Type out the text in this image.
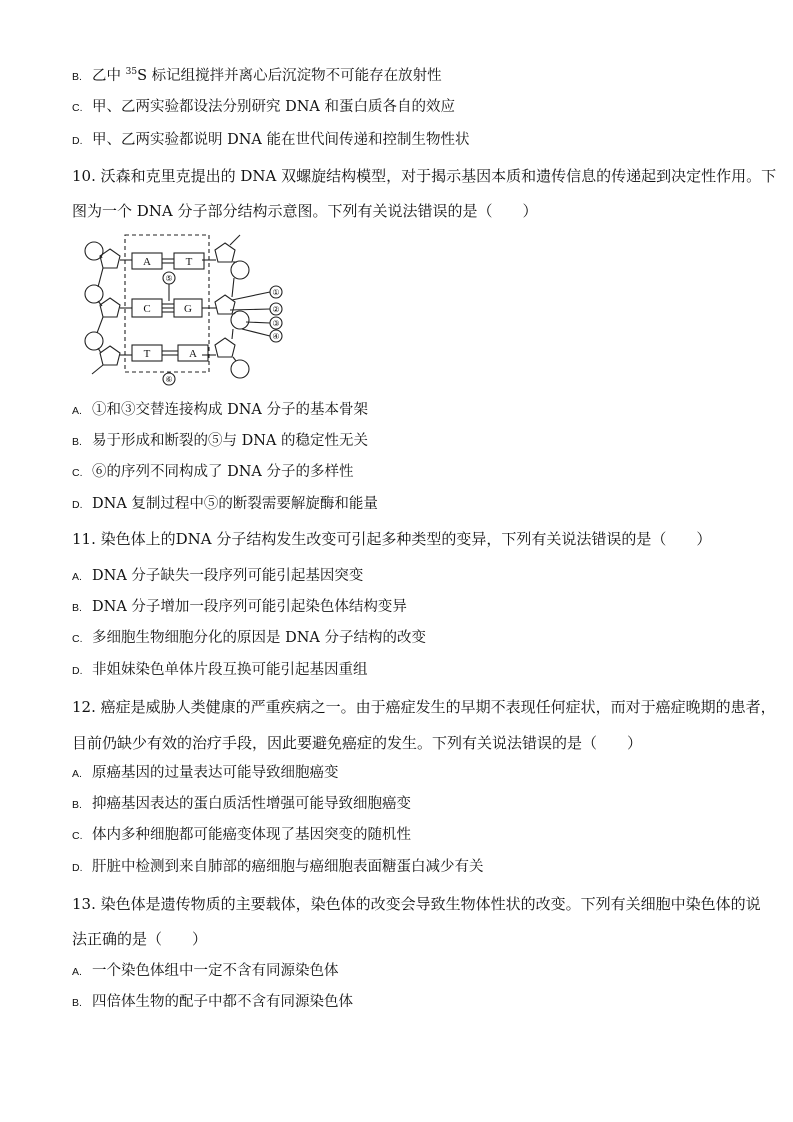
B. 乙中 $^{35}$S 标记组搅拌并离心后沉淀物不可能存在放射性
C. 甲、乙两实验都设法分别研究 DNA 和蛋白质各自的效应
D. 甲、乙两实验都说明 DNA 能在世代间传递和控制生物性状
10. 沃森和克里克提出的 DNA 双螺旋结构模型，对于揭示基因本质和遗传信息的传递起到决定性作用。下
图为一个 DNA 分子部分结构示意图。下列有关说法错误的是（　　）
A	T
C	G
T	A
⑤
①
②
③
④
⑥
A. ①和③交替连接构成 DNA 分子的基本骨架
B. 易于形成和断裂的⑤与 DNA 的稳定性无关
C. ⑥的序列不同构成了 DNA 分子的多样性
D. DNA 复制过程中⑤的断裂需要解旋酶和能量
11. 染色体上的DNA 分子结构发生改变可引起多种类型的变异，下列有关说法错误的是（　　）
A. DNA 分子缺失一段序列可能引起基因突变
B. DNA 分子增加一段序列可能引起染色体结构变异
C. 多细胞生物细胞分化的原因是 DNA 分子结构的改变
D. 非姐妹染色单体片段互换可能引起基因重组
12. 癌症是威胁人类健康的严重疾病之一。由于癌症发生的早期不表现任何症状，而对于癌症晚期的患者，
目前仍缺少有效的治疗手段，因此要避免癌症的发生。下列有关说法错误的是（　　）
A. 原癌基因的过量表达可能导致细胞癌变
B. 抑癌基因表达的蛋白质活性增强可能导致细胞癌变
C. 体内多种细胞都可能癌变体现了基因突变的随机性
D. 肝脏中检测到来自肺部的癌细胞与癌细胞表面糖蛋白减少有关
13. 染色体是遗传物质的主要载体，染色体的改变会导致生物体性状的改变。下列有关细胞中染色体的说
法正确的是（　　）
A. 一个染色体组中一定不含有同源染色体
B. 四倍体生物的配子中都不含有同源染色体
